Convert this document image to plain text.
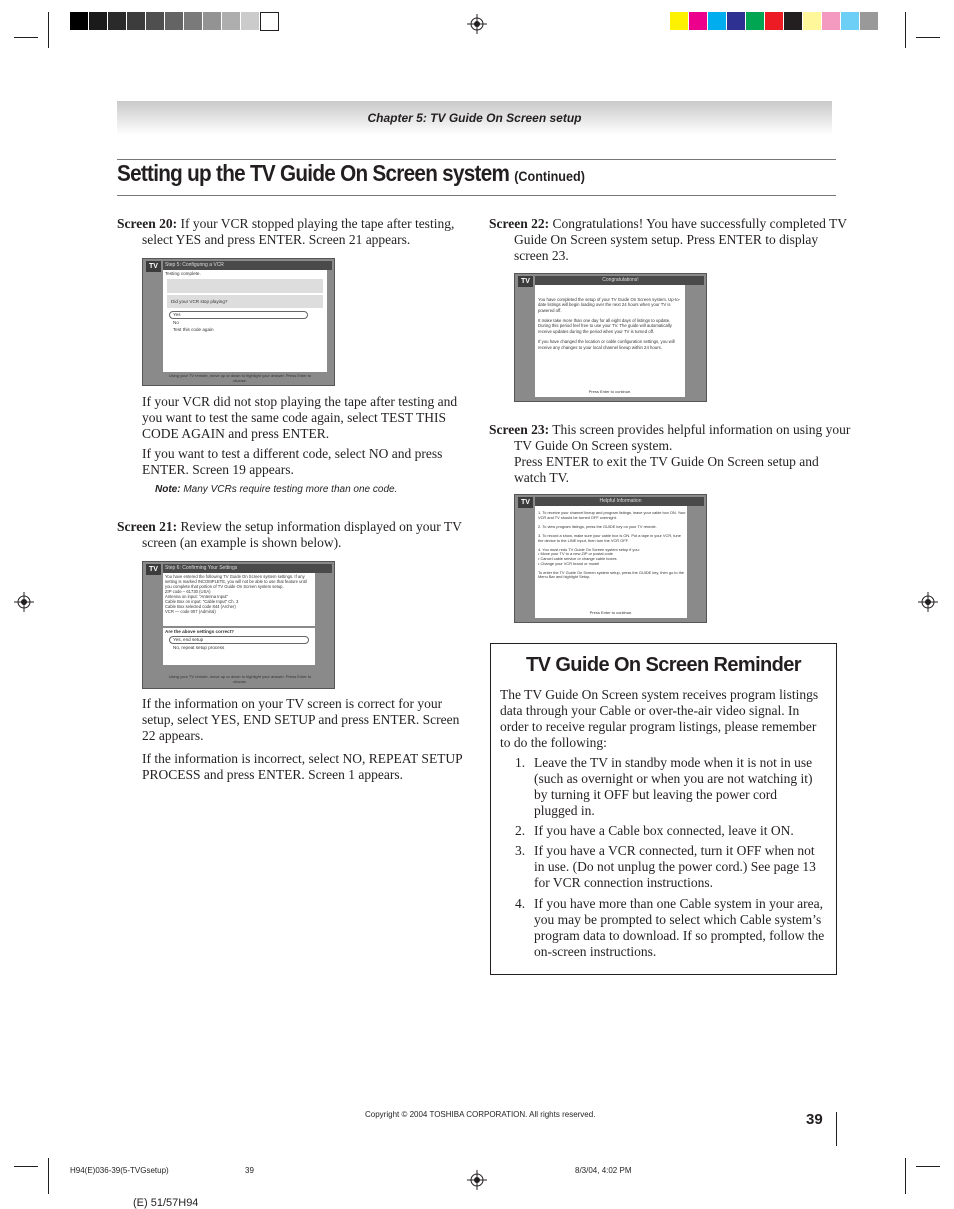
Chapter 5: TV Guide On Screen setup
Setting up the TV Guide On Screen system (Continued)
Screen 20: If your VCR stopped playing the tape after testing, select YES and press ENTER. Screen 21 appears.
TV	Step 5: Configuring a VCR
Testing complete.
Did your VCR stop playing?
Yes
No
Test this code again
Using your TV remote, move up or down to highlight your answer. Press Enter to choose.
If your VCR did not stop playing the tape after testing and you want to test the same code again, select TEST THIS CODE AGAIN and press ENTER.
If you want to test a different code, select NO and press ENTER. Screen 19 appears.
Note: Many VCRs require testing more than one code.
Screen 21: Review the setup information displayed on your TV screen (an example is shown below).
TV	Step 6: Confirming Your Settings
You have entered the following TV Guide On Screen system settings. If any setting is marked INCOMPLETE, you will not be able to use that feature until you complete that portion of TV Guide On Screen system setup.
ZIP code – 61730 (USA)
Antenna on input: "Antenna Input"
Cable Box on input: "Cable Input" Ch. 3
Cable Box selected code 844 (Archer)
VCR — code 007 (Admiral)
Are the above settings correct?
Yes, end setup
No, repeat setup process
Using your TV remote, move up or down to highlight your answer. Press Enter to choose.
If the information on your TV screen is correct for your setup, select YES, END SETUP and press ENTER. Screen 22 appears.
If the information is incorrect, select NO, REPEAT SETUP PROCESS and press ENTER. Screen 1 appears.
Screen 22: Congratulations! You have successfully completed TV Guide On Screen system setup. Press ENTER to display screen 23.
TV	Congratulations!
You have completed the setup of your TV Guide On Screen system. Up-to-date listings will begin loading over the next 24 hours when your TV is powered off.

It make take more than one day for all eight days of listings to update. During this period feel free to use your TV. The guide will automatically receive updates during the period when your TV is turned off.

If you have changed the location or cable configuration settings, you will receive any changes to your local channel lineup within 24 hours.
Press Enter to continue.
Screen 23: This screen provides helpful information on using your TV Guide On Screen system.
Press ENTER to exit the TV Guide On Screen setup and watch TV.
TV	Helpful Information
1. To receive your channel lineup and program listings, leave your cable box ON. Your VCR and TV should be turned OFF overnight.

2. To view program listings, press the GUIDE key on your TV remote.

3. To record a show, make sure your cable box is ON. Put a tape in your VCR, tune the device to the LINE input, then turn the VCR OFF.

4. You must redo TV Guide On Screen system setup if you:
• Move your TV to a new ZIP or postal code
• Cancel cable service or change cable boxes
• Change your VCR brand or model

To enter the TV Guide On Screen system setup, press the GUIDE key, then go to the Menu Bar and highlight Setup.
Press Enter to continue.
TV Guide On Screen Reminder
The TV Guide On Screen system receives program listings data through your Cable or over-the-air video signal. In order to receive regular program listings, please remember to do the following:
1. Leave the TV in standby mode when it is not in use (such as overnight or when you are not watching it) by turning it OFF but leaving the power cord plugged in.
2. If you have a Cable box connected, leave it ON.
3. If you have a VCR connected, turn it OFF when not in use. (Do not unplug the power cord.) See page 13 for VCR connection instructions.
4. If you have more than one Cable system in your area, you may be prompted to select which Cable system’s program data to download. If so prompted, follow the on-screen instructions.
Copyright © 2004 TOSHIBA CORPORATION. All rights reserved.	39
H94(E)036-39(5-TVGsetup)	39	8/3/04, 4:02 PM
(E) 51/57H94
